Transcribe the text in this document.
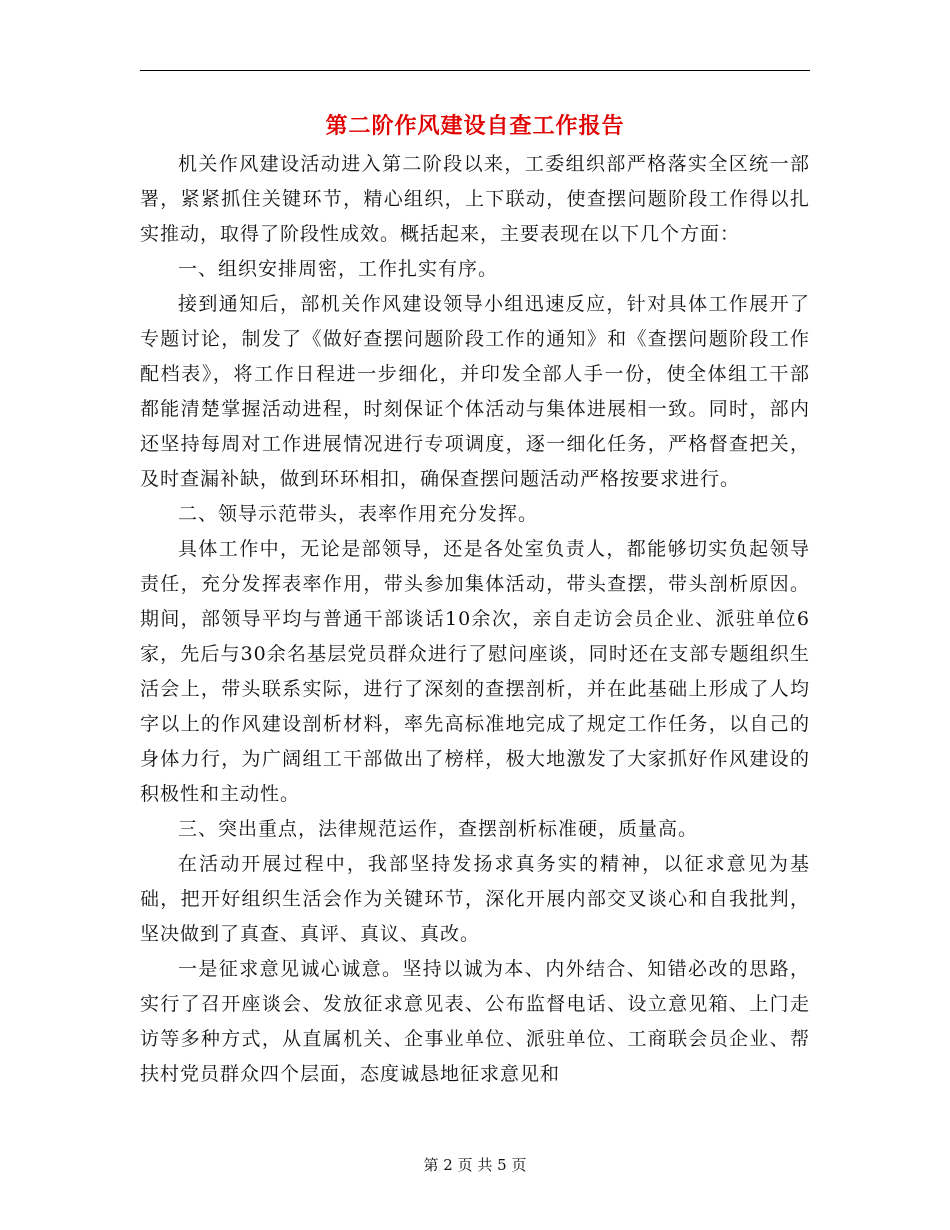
第二阶作风建设自查工作报告

机关作风建设活动进入第二阶段以来，工委组织部严格落实全区统一部署，紧紧抓住关键环节，精心组织，上下联动，使查摆问题阶段工作得以扎实推动，取得了阶段性成效。概括起来，主要表现在以下几个方面：

一、组织安排周密，工作扎实有序。

接到通知后，部机关作风建设领导小组迅速反应，针对具体工作展开了专题讨论，制发了《做好查摆问题阶段工作的通知》和《查摆问题阶段工作配档表》，将工作日程进一步细化，并印发全部人手一份，使全体组工干部都能清楚掌握活动进程，时刻保证个体活动与集体进展相一致。同时，部内还坚持每周对工作进展情况进行专项调度，逐一细化任务，严格督查把关，及时查漏补缺，做到环环相扣，确保查摆问题活动严格按要求进行。

二、领导示范带头，表率作用充分发挥。

具体工作中，无论是部领导，还是各处室负责人，都能够切实负起领导责任，充分发挥表率作用，带头参加集体活动，带头查摆，带头剖析原因。期间，部领导平均与普通干部谈话10余次，亲自走访会员企业、派驻单位6家，先后与30余名基层党员群众进行了慰问座谈，同时还在支部专题组织生活会上，带头联系实际，进行了深刻的查摆剖析，并在此基础上形成了人均字以上的作风建设剖析材料，率先高标准地完成了规定工作任务，以自己的身体力行，为广阔组工干部做出了榜样，极大地激发了大家抓好作风建设的积极性和主动性。

三、突出重点，法律规范运作，查摆剖析标准硬，质量高。

在活动开展过程中，我部坚持发扬求真务实的精神，以征求意见为基础，把开好组织生活会作为关键环节，深化开展内部交叉谈心和自我批判，坚决做到了真查、真评、真议、真改。

一是征求意见诚心诚意。坚持以诚为本、内外结合、知错必改的思路，实行了召开座谈会、发放征求意见表、公布监督电话、设立意见箱、上门走访等多种方式，从直属机关、企事业单位、派驻单位、工商联会员企业、帮扶村党员群众四个层面，态度诚恳地征求意见和

第 2 页 共 5 页
